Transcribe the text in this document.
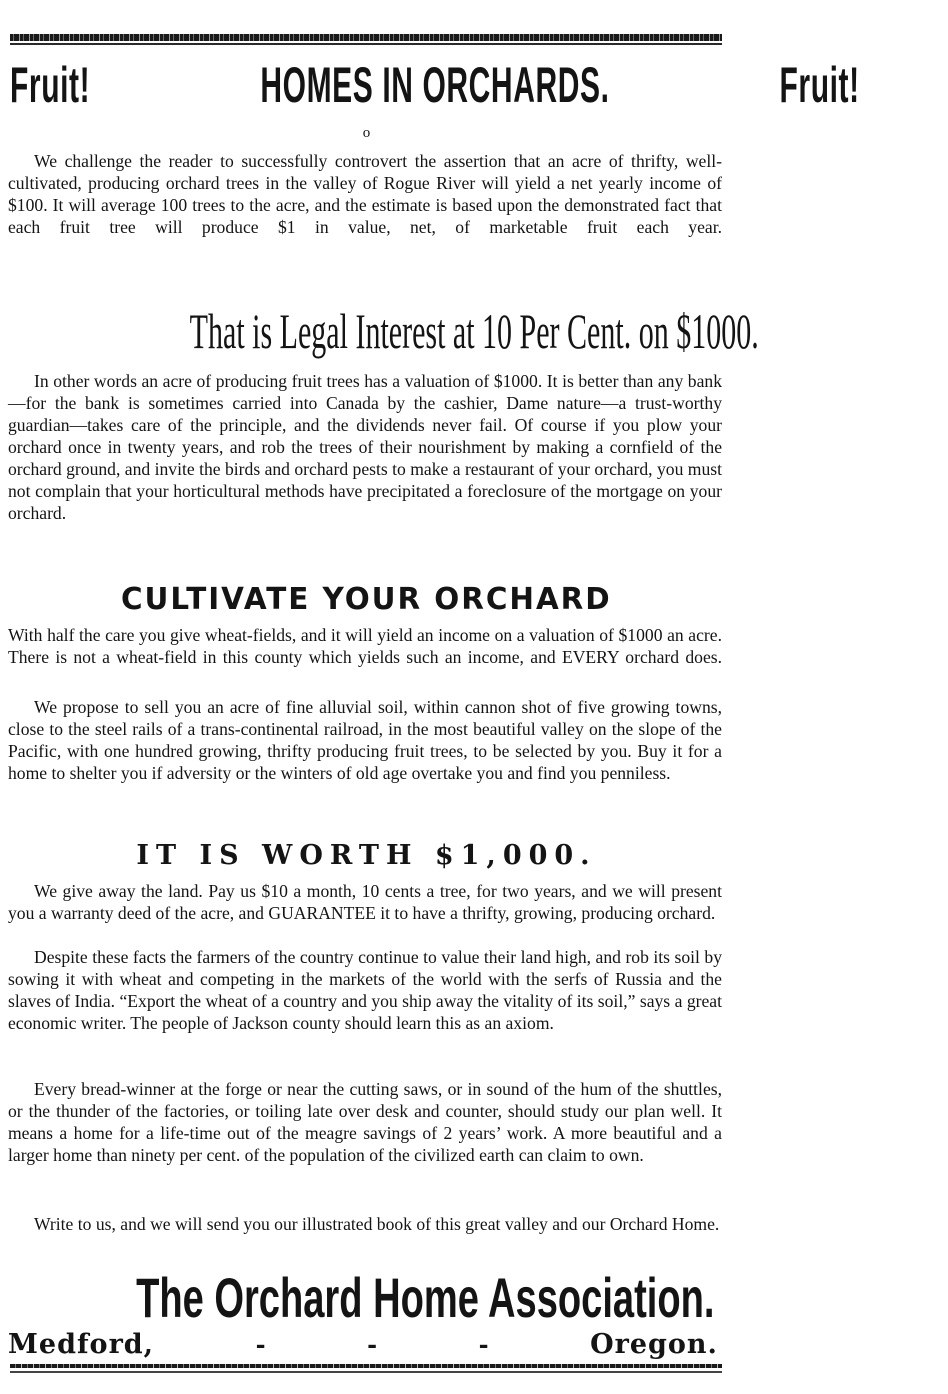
Fruit!	HOMES IN ORCHARDS.	Fruit!
o
We challenge the reader to successfully controvert the assertion that an acre of thrifty, well-cultivated, producing orchard trees in the valley of Rogue River will yield a net yearly income of $100. It will average 100 trees to the acre, and the estimate is based upon the demonstrated fact that each fruit tree will produce $1 in value, net, of marketable fruit each year.
That is Legal Interest at 10 Per Cent. on $1000.
In other words an acre of producing fruit trees has a valuation of $1000. It is better than any bank—for the bank is sometimes carried into Canada by the cashier, Dame nature—a trust-worthy guardian—takes care of the principle, and the dividends never fail. Of course if you plow your orchard once in twenty years, and rob the trees of their nourishment by making a cornfield of the orchard ground, and invite the birds and orchard pests to make a restaurant of your orchard, you must not complain that your horticultural methods have precipitated a foreclosure of the mortgage on your orchard.
CULTIVATE YOUR ORCHARD
With half the care you give wheat-fields, and it will yield an income on a valuation of $1000 an acre. There is not a wheat-field in this county which yields such an income, and EVERY orchard does.
We propose to sell you an acre of fine alluvial soil, within cannon shot of five growing towns, close to the steel rails of a trans-continental railroad, in the most beautiful valley on the slope of the Pacific, with one hundred growing, thrifty producing fruit trees, to be selected by you. Buy it for a home to shelter you if adversity or the winters of old age overtake you and find you penniless.
IT IS WORTH $1,000.
We give away the land. Pay us $10 a month, 10 cents a tree, for two years, and we will present you a warranty deed of the acre, and GUARANTEE it to have a thrifty, growing, producing orchard.
Despite these facts the farmers of the country continue to value their land high, and rob its soil by sowing it with wheat and competing in the markets of the world with the serfs of Russia and the slaves of India. “Export the wheat of a country and you ship away the vitality of its soil,” says a great economic writer. The people of Jackson county should learn this as an axiom.
Every bread-winner at the forge or near the cutting saws, or in sound of the hum of the shuttles, or the thunder of the factories, or toiling late over desk and counter, should study our plan well. It means a home for a life-time out of the meagre savings of 2 years’ work. A more beautiful and a larger home than ninety per cent. of the population of the civilized earth can claim to own.
Write to us, and we will send you our illustrated book of this great valley and our Orchard Home.
The Orchard Home Association.
Medford,	-	-	-	Oregon.
